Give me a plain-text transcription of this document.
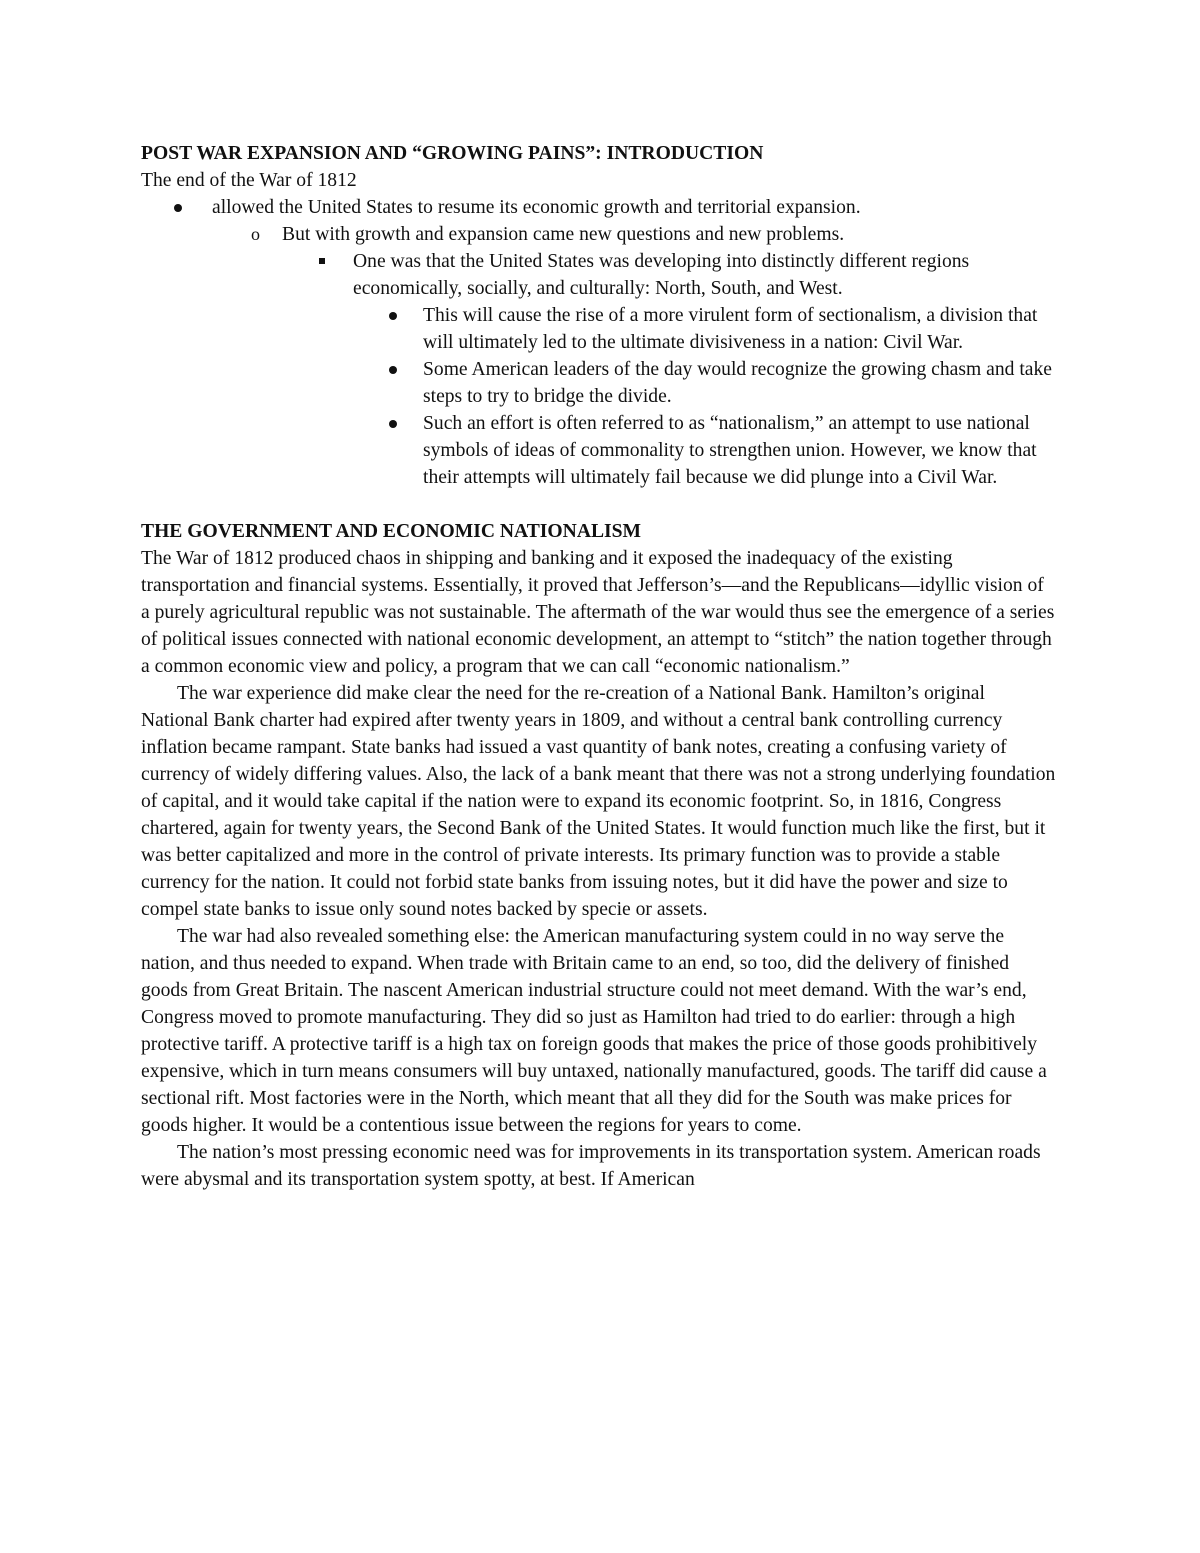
POST WAR EXPANSION AND “GROWING PAINS”: INTRODUCTION

The end of the War of 1812

allowed the United States to resume its economic growth and territorial expansion.
o But with growth and expansion came new questions and new problems.
One was that the United States was developing into distinctly different regions economically, socially, and culturally: North, South, and West.
This will cause the rise of a more virulent form of sectionalism, a division that will ultimately led to the ultimate divisiveness in a nation: Civil War.
Some American leaders of the day would recognize the growing chasm and take steps to try to bridge the divide.
Such an effort is often referred to as “nationalism,” an attempt to use national symbols of ideas of commonality to strengthen union. However, we know that their attempts will ultimately fail because we did plunge into a Civil War.

THE GOVERNMENT AND ECONOMIC NATIONALISM

The War of 1812 produced chaos in shipping and banking and it exposed the inadequacy of the existing transportation and financial systems. Essentially, it proved that Jefferson’s—and the Republicans—idyllic vision of a purely agricultural republic was not sustainable. The aftermath of the war would thus see the emergence of a series of political issues connected with national economic development, an attempt to “stitch” the nation together through a common economic view and policy, a program that we can call “economic nationalism.”

The war experience did make clear the need for the re-creation of a National Bank. Hamilton’s original National Bank charter had expired after twenty years in 1809, and without a central bank controlling currency inflation became rampant. State banks had issued a vast quantity of bank notes, creating a confusing variety of currency of widely differing values. Also, the lack of a bank meant that there was not a strong underlying foundation of capital, and it would take capital if the nation were to expand its economic footprint. So, in 1816, Congress chartered, again for twenty years, the Second Bank of the United States. It would function much like the first, but it was better capitalized and more in the control of private interests. Its primary function was to provide a stable currency for the nation. It could not forbid state banks from issuing notes, but it did have the power and size to compel state banks to issue only sound notes backed by specie or assets.

The war had also revealed something else: the American manufacturing system could in no way serve the nation, and thus needed to expand. When trade with Britain came to an end, so too, did the delivery of finished goods from Great Britain. The nascent American industrial structure could not meet demand. With the war’s end, Congress moved to promote manufacturing. They did so just as Hamilton had tried to do earlier: through a high protective tariff. A protective tariff is a high tax on foreign goods that makes the price of those goods prohibitively expensive, which in turn means consumers will buy untaxed, nationally manufactured, goods. The tariff did cause a sectional rift. Most factories were in the North, which meant that all they did for the South was make prices for goods higher. It would be a contentious issue between the regions for years to come.

The nation’s most pressing economic need was for improvements in its transportation system. American roads were abysmal and its transportation system spotty, at best. If American
